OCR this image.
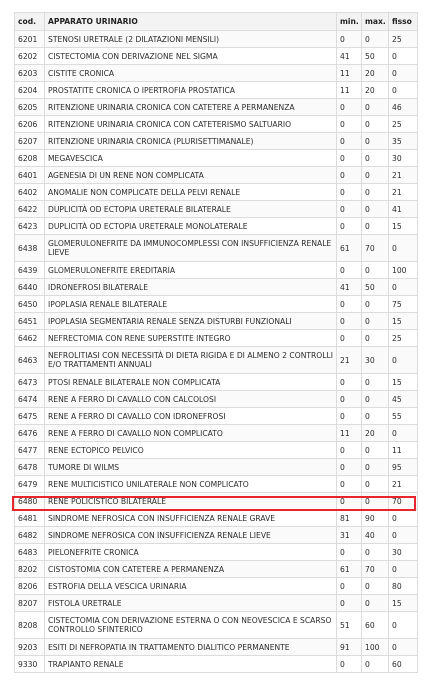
cod.	APPARATO URINARIO	min.	max.	fisso
6201	STENOSI URETRALE (2 DILATAZIONI MENSILI)	0	0	25
6202	CISTECTOMIA CON DERIVAZIONE NEL SIGMA	41	50	0
6203	CISTITE CRONICA	11	20	0
6204	PROSTATITE CRONICA O IPERTROFIA PROSTATICA	11	20	0
6205	RITENZIONE URINARIA CRONICA CON CATETERE A PERMANENZA	0	0	46
6206	RITENZIONE URINARIA CRONICA CON CATETERISMO SALTUARIO	0	0	25
6207	RITENZIONE URINARIA CRONICA (PLURISETTIMANALE)	0	0	35
6208	MEGAVESCICA	0	0	30
6401	AGENESIA DI UN RENE NON COMPLICATA	0	0	21
6402	ANOMALIE NON COMPLICATE DELLA PELVI RENALE	0	0	21
6422	DUPLICITÀ OD ECTOPIA URETERALE BILATERALE	0	0	41
6423	DUPLICITÀ OD ECTOPIA URETERALE MONOLATERALE	0	0	15
6438	GLOMERULONEFRITE DA IMMUNOCOMPLESSI CON INSUFFICIENZA RENALE LIEVE	61	70	0
6439	GLOMERULONEFRITE EREDITARIA	0	0	100
6440	IDRONEFROSI BILATERALE	41	50	0
6450	IPOPLASIA RENALE BILATERALE	0	0	75
6451	IPOPLASIA SEGMENTARIA RENALE SENZA DISTURBI FUNZIONALI	0	0	15
6462	NEFRECTOMIA CON RENE SUPERSTITE INTEGRO	0	0	25
6463	NEFROLITIASI CON NECESSITÀ DI DIETA RIGIDA E DI ALMENO 2 CONTROLLI E/O TRATTAMENTI ANNUALI	21	30	0
6473	PTOSI RENALE BILATERALE NON COMPLICATA	0	0	15
6474	RENE A FERRO DI CAVALLO CON CALCOLOSI	0	0	45
6475	RENE A FERRO DI CAVALLO CON IDRONEFROSI	0	0	55
6476	RENE A FERRO DI CAVALLO NON COMPLICATO	11	20	0
6477	RENE ECTOPICO PELVICO	0	0	11
6478	TUMORE DI WILMS	0	0	95
6479	RENE MULTICISTICO UNILATERALE NON COMPLICATO	0	0	21
6480	RENE POLICISTICO BILATERALE	0	0	70
6481	SINDROME NEFROSICA CON INSUFFICIENZA RENALE GRAVE	81	90	0
6482	SINDROME NEFROSICA CON INSUFFICIENZA RENALE LIEVE	31	40	0
6483	PIELONEFRITE CRONICA	0	0	30
8202	CISTOSTOMIA CON CATETERE A PERMANENZA	61	70	0
8206	ESTROFIA DELLA VESCICA URINARIA	0	0	80
8207	FISTOLA URETRALE	0	0	15
8208	CISTECTOMIA CON DERIVAZIONE ESTERNA O CON NEOVESCICA E SCARSO CONTROLLO SFINTERICO	51	60	0
9203	ESITI DI NEFROPATIA IN TRATTAMENTO DIALITICO PERMANENTE	91	100	0
9330	TRAPIANTO RENALE	0	0	60
